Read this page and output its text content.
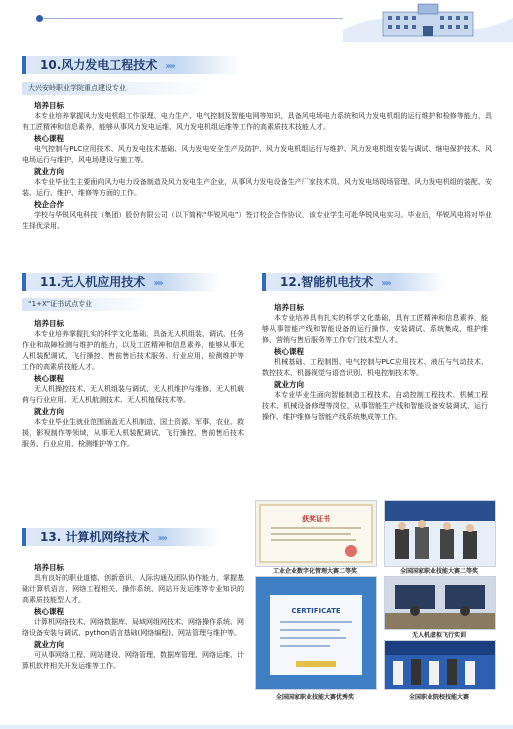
10.风力发电工程技术 ››››
大兴安岭职业学院重点建设专业
培养目标

本专业培养掌握风力发电机组工作原理、电力生产、电气控制及智能电网等知识，具备风电场电力系统和风力发电机组的运行维护和检修等能力，具有工匠精神和信息素养，能够从事风力发电运维、风力发电机组运维等工作的高素质技术技能人才。

核心课程

电气控制与PLC应用技术、风力发电技术基础、风力发电安全生产及防护、风力发电机组运行与维护、风力发电机组安装与调试、继电保护技术、风电场运行与维护、风电场建设与施工等。

就业方向

本专业毕业生主要面向风力电力设备制造及风力发电生产企业，从事风力发电设备生产厂家技术员、风力发电场现场管理、风力发电机组的装配、安装、运行、维护、维修等方面的工作。

校企合作

学校与华锐风电科技（集团）股份有限公司（以下简称“华锐风电”）签订校企合作协议，该专业学生可赴华锐风电实习。毕业后，华锐风电将对毕业生择优录用。

11.无人机应用技术 ››››
“1+X”证书试点专业
培养目标

本专业培养掌握扎实的科学文化基础，具备无人机组装、调试、任务作业和故障检测与维护的能力，以及工匠精神和信息素养，能够从事无人机装配调试、飞行操控、售前售后技术服务、行业应用、检测维护等工作的高素质技能人才。

核心课程

无人机操控技术、无人机组装与调试、无人机维护与维修、无人机载荷与行业应用、无人机航测技术、无人机植保技术等。

就业方向

本专业毕业生就业范围涵盖无人机制造、国土资源、军事、农业、救援，影视制作等领域，从事无人机装配调试、飞行操控、售前售后技术服务、行业应用、检测维护等工作。

12.智能机电技术 ››››
培养目标

本专业培养具有扎实的科学文化基础，具有工匠精神和信息素养，能够从事智能产线和智能设备的运行操作、安装调试、系统集成、维护维修、营销与售后服务等工作专门技术型人才。

核心课程

机械基础、工程制图、电气控制与PLC应用技术、液压与气动技术、数控技术、机器视觉与语音识别、机电控制技术等。

就业方向

本专业毕业生面向智能制造工程技术、自动控制工程技术、机械工程技术、机械设备修理等岗位，从事智能生产线和智能设备安装调试、运行操作、维护维修与智能产线系统集成等工作。

13. 计算机网络技术 ››››
培养目标

具有良好的职业道德、创新意识，人际沟通及团队协作能力，掌握基础计算机语言、网络工程相关、操作系统、网站开发运维等专业知识的高素质技能型人才。

核心课程

计算机网络技术、网络数据库、局域网组网技术、网络操作系统、网络设备安装与调试、python语言基础(网络编程)、网站管理与维护等。

就业方向

可从事网络工程、网站建设、网络管理、数据库管理、网络运维、计算机软件相关开发运维等工作。

获奖证书
工业企业数字化管理大赛二等奖	全国国家职业技能大赛二等奖
CERTIFICATE
全国国家职业技能大赛优秀奖
无人机虚拟飞行实训
全国职业院校技能大赛
